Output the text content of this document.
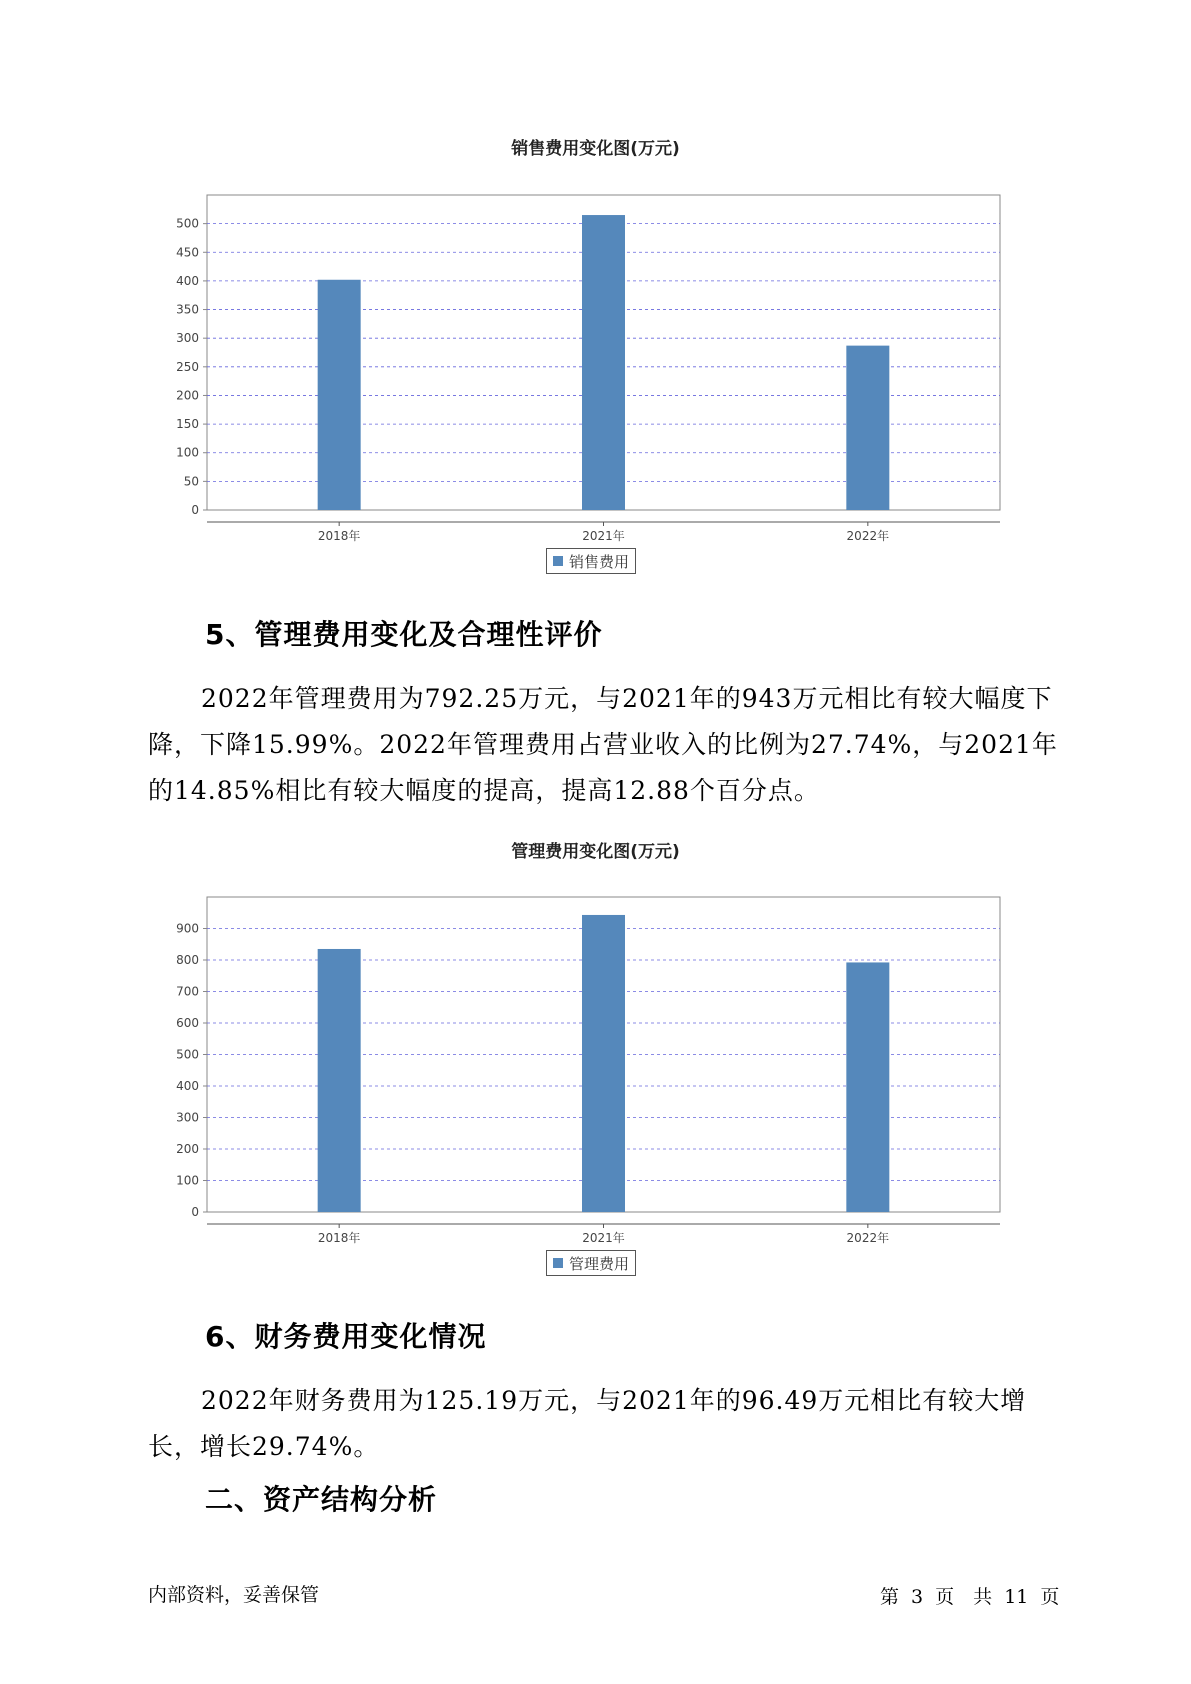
销售费用变化图(万元)
0
50
100
150
200
250
300
350
400
450
500
2018年	2021年	2022年
销售费用
5、管理费用变化及合理性评价

2022年管理费用为792.25万元，与2021年的943万元相比有较大幅度下降，下降15.99%。2022年管理费用占营业收入的比例为27.74%，与2021年的14.85%相比有较大幅度的提高，提高12.88个百分点。

管理费用变化图(万元)
0
100
200
300
400
500
600
700
800
900
2018年	2021年	2022年
管理费用
6、财务费用变化情况

2022年财务费用为125.19万元，与2021年的96.49万元相比有较大增长，增长29.74%。

二、资产结构分析
内部资料，妥善保管	第 3 页　共 11 页
